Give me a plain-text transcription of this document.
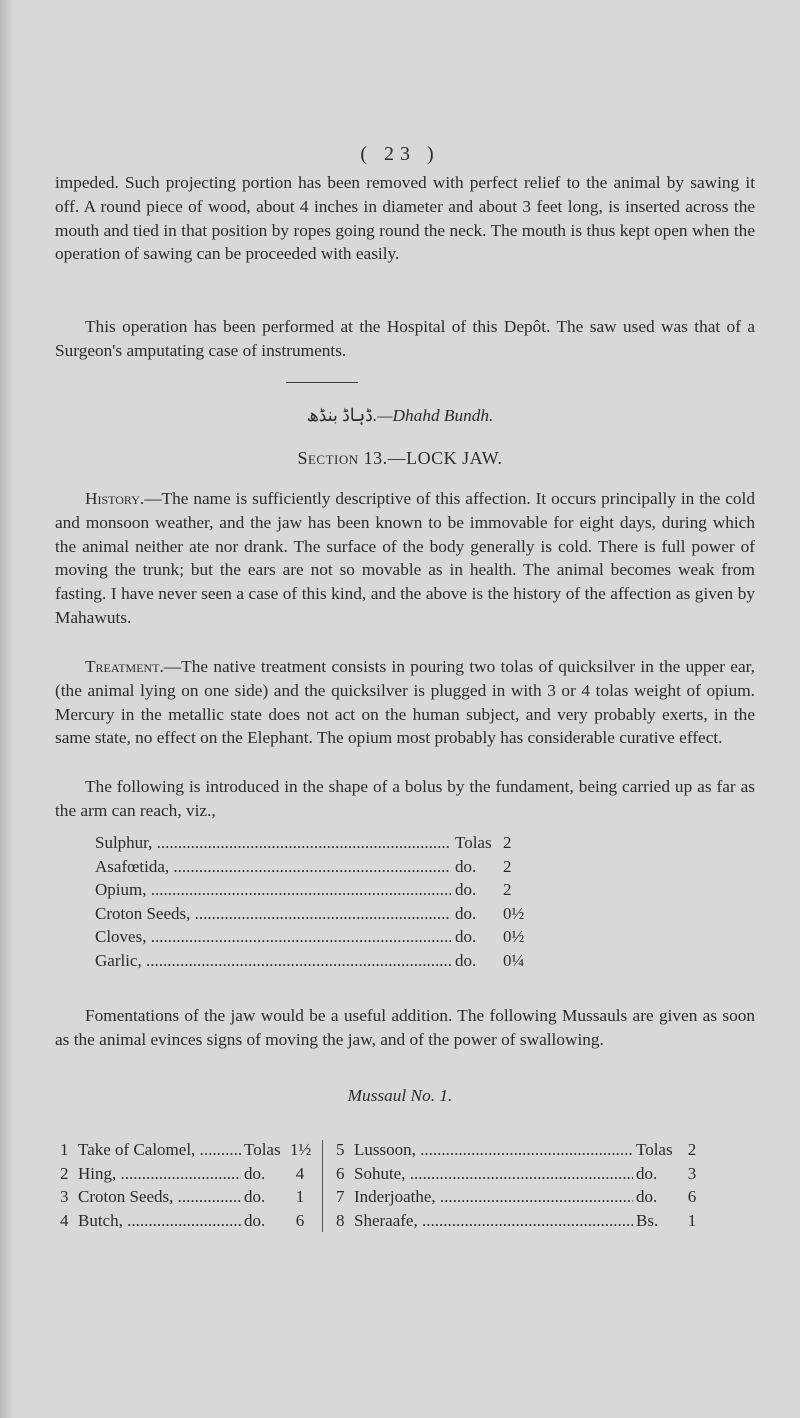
( 23 )

impeded. Such projecting portion has been removed with perfect relief to the animal by sawing it off. A round piece of wood, about 4 inches in diameter and about 3 feet long, is inserted across the mouth and tied in that position by ropes going round the neck. The mouth is thus kept open when the operation of sawing can be proceeded with easily.

This operation has been performed at the Hospital of this Depôt. The saw used was that of a Surgeon's amputating case of instruments.

ڈہاڈ بنڈھ.—Dhahd Bundh.
Section 13.—LOCK JAW.

History.—The name is sufficiently descriptive of this affection. It occurs principally in the cold and monsoon weather, and the jaw has been known to be immovable for eight days, during which the animal neither ate nor drank. The surface of the body generally is cold. There is full power of moving the trunk; but the ears are not so movable as in health. The animal becomes weak from fasting. I have never seen a case of this kind, and the above is the history of the affection as given by Mahawuts.

Treatment.—The native treatment consists in pouring two tolas of quicksilver in the upper ear, (the animal lying on one side) and the quicksilver is plugged in with 3 or 4 tolas weight of opium. Mercury in the metallic state does not act on the human subject, and very probably exerts, in the same state, no effect on the Elephant. The opium most probably has considerable curative effect.

The following is introduced in the shape of a bolus by the fundament, being carried up as far as the arm can reach, viz.,

Sulphur, .....	Tolas 2
Asafœtida, .....	do.	2
Opium, .....	do.	2
Croton Seeds, .....	do.	0½
Cloves, .....	do.	0½
Garlic, .....	do.	0¼

Fomentations of the jaw would be a useful addition. The following Mussauls are given as soon as the animal evinces signs of moving the jaw, and of the power of swallowing.

Mussaul No. 1.
1 Take of Calomel, .....	Tolas 1½
2 Hing, .....	do.	4
3 Croton Seeds, .....	do.	1
4 Butch, .....	do.	6
5 Lussoon, .....	Tolas 2
6 Sohute, .....	do.	3
7 Inderjoathe, .....	do.	6
8 Sheraafe, .....	Bs.	1
